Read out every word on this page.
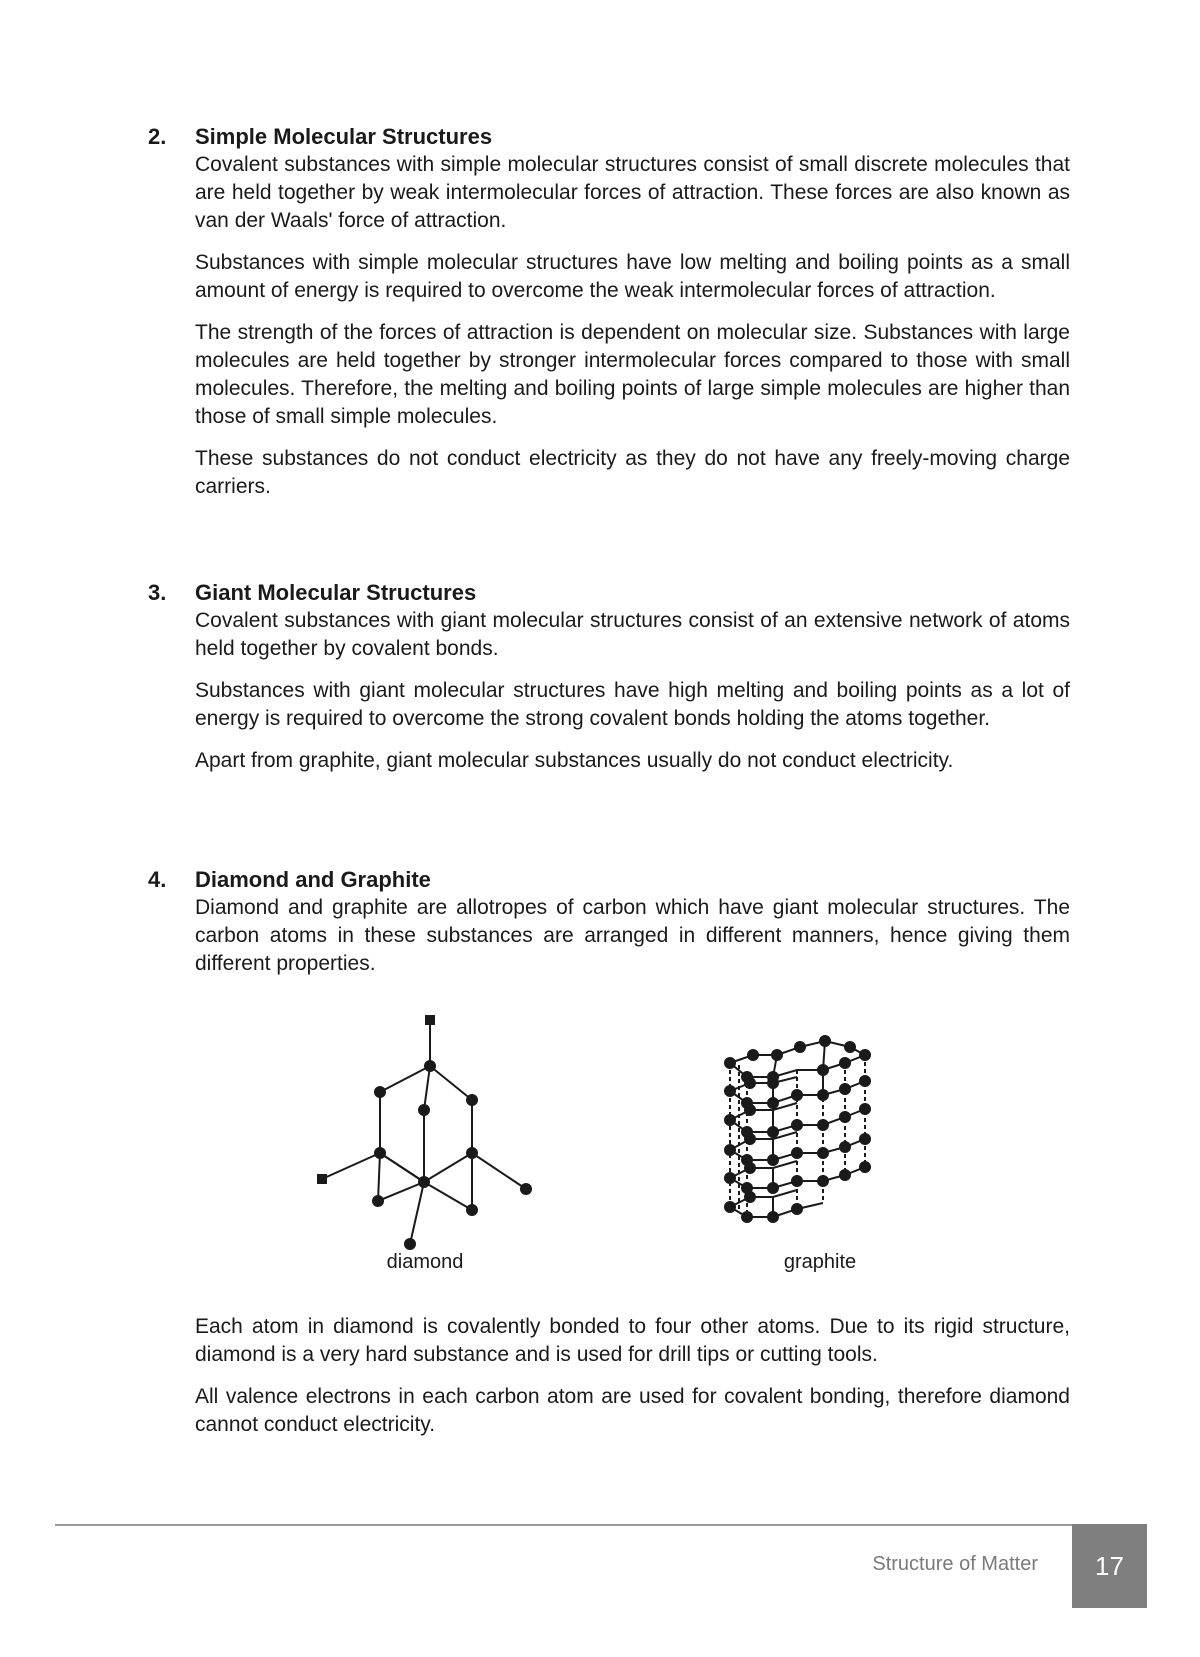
2.	Simple Molecular Structures

Covalent substances with simple molecular structures consist of small discrete molecules that are held together by weak intermolecular forces of attraction. These forces are also known as van der Waals' force of attraction.

Substances with simple molecular structures have low melting and boiling points as a small amount of energy is required to overcome the weak intermolecular forces of attraction.

The strength of the forces of attraction is dependent on molecular size. Substances with large molecules are held together by stronger intermolecular forces compared to those with small molecules. Therefore, the melting and boiling points of large simple molecules are higher than those of small simple molecules.

These substances do not conduct electricity as they do not have any freely-moving charge carriers.

3.	Giant Molecular Structures

Covalent substances with giant molecular structures consist of an extensive network of atoms held together by covalent bonds.

Substances with giant molecular structures have high melting and boiling points as a lot of energy is required to overcome the strong covalent bonds holding the atoms together.

Apart from graphite, giant molecular substances usually do not conduct electricity.

4.	Diamond and Graphite

Diamond and graphite are allotropes of carbon which have giant molecular structures. The carbon atoms in these substances are arranged in different manners, hence giving them different properties.

diamond	graphite

Each atom in diamond is covalently bonded to four other atoms. Due to its rigid structure, diamond is a very hard substance and is used for drill tips or cutting tools.

All valence electrons in each carbon atom are used for covalent bonding, therefore diamond cannot conduct electricity.

Structure of Matter	17
